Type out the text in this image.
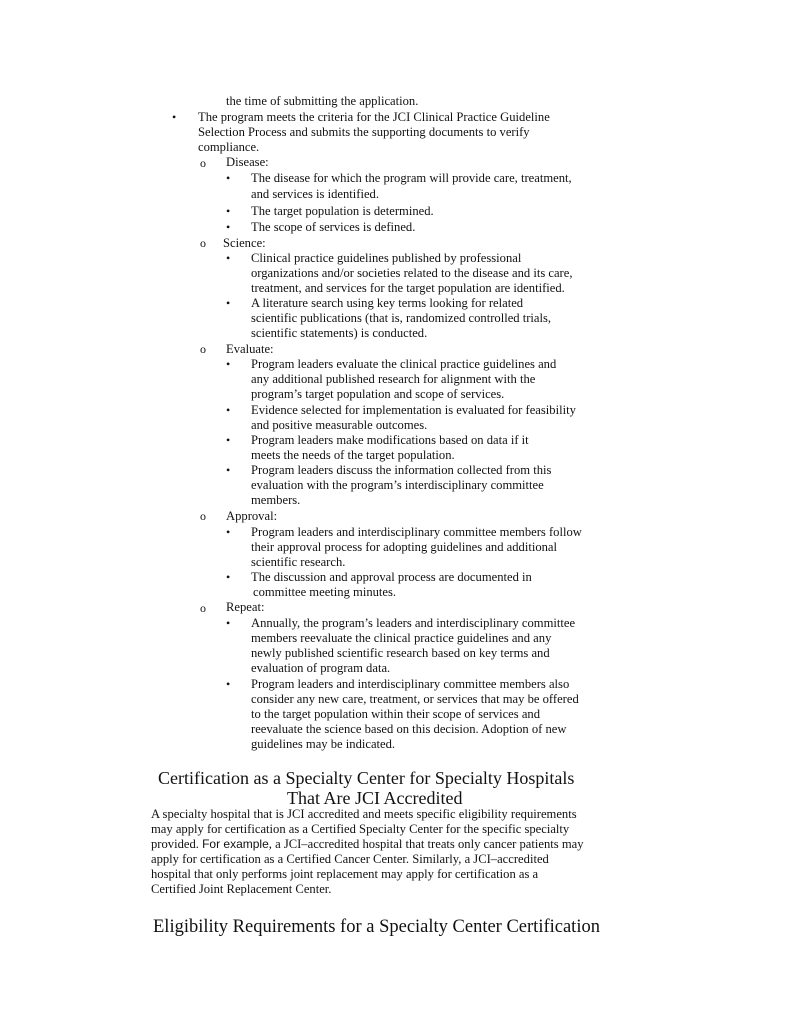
the time of submitting the application.
• The program meets the criteria for the JCI Clinical Practice Guideline
Selection Process and submits the supporting documents to verify
compliance.
o Disease:
• The disease for which the program will provide care, treatment,
and services is identified.
• The target population is determined.
• The scope of services is defined.
o Science:
• Clinical practice guidelines published by professional
organizations and/or societies related to the disease and its care,
treatment, and services for the target population are identified.
• A literature search using key terms looking for related
scientific publications (that is, randomized controlled trials,
scientific statements) is conducted.
o Evaluate:
• Program leaders evaluate the clinical practice guidelines and
any additional published research for alignment with the
program’s target population and scope of services.
• Evidence selected for implementation is evaluated for feasibility
and positive measurable outcomes.
• Program leaders make modifications based on data if it
meets the needs of the target population.
• Program leaders discuss the information collected from this
evaluation with the program’s interdisciplinary committee
members.
o Approval:
• Program leaders and interdisciplinary committee members follow
their approval process for adopting guidelines and additional
scientific research.
• The discussion and approval process are documented in
committee meeting minutes.
o Repeat:
• Annually, the program’s leaders and interdisciplinary committee
members reevaluate the clinical practice guidelines and any
newly published scientific research based on key terms and
evaluation of program data.
• Program leaders and interdisciplinary committee members also
consider any new care, treatment, or services that may be offered
to the target population within their scope of services and
reevaluate the science based on this decision. Adoption of new
guidelines may be indicated.
Certification as a Specialty Center for Specialty Hospitals
That Are JCI Accredited
A specialty hospital that is JCI accredited and meets specific eligibility requirements
may apply for certification as a Certified Specialty Center for the specific specialty
provided. For example, a JCI–accredited hospital that treats only cancer patients may
apply for certification as a Certified Cancer Center. Similarly, a JCI–accredited
hospital that only performs joint replacement may apply for certification as a
Certified Joint Replacement Center.
Eligibility Requirements for a Specialty Center Certification
